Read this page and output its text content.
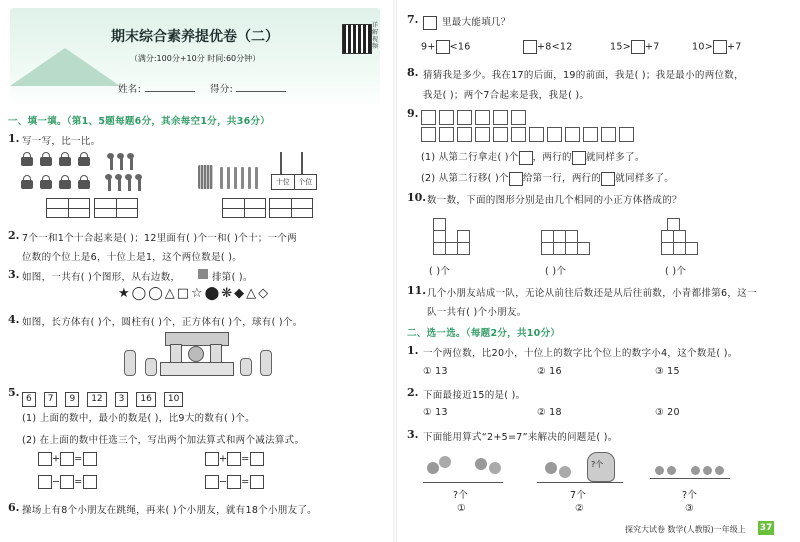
期末综合素养提优卷（二）
（满分:100分+10分 时间:60分钟）
详解视频
姓名:	得分:
一、填一填。（第1、5题每题6分，其余每空1分，共36分）
1. 写一写，比一比。
十位	个位
2. 7个一和1个十合起来是( )；12里面有( )个一和( )个十；一个两
位数的个位上是6，十位上是1，这个两位数是( )。
3. 如图，一共有( )个图形，从右边数，	排第( )。
★◯◯△□☆⬤❋◆△◇
4. 如图，长方体有( )个，圆柱有( )个，正方体有( )个，球有( )个。
5. 6 7 9 12 3 16 10
(1) 上面的数中，最小的数是( )，比9大的数有( )个。
(2) 在上面的数中任选三个，写出两个加法算式和两个减法算式。
+ =
− =
+ =
− =
6. 操场上有8个小朋友在跳绳，再来( )个小朋友，就有18个小朋友了。
7. 里最大能填几？
9+ <16	+8<12	15> +7	10> +7
8. 猜猜我是多少。我在17的后面，19的前面，我是( )；我是最小的两位数，
我是( )；两个7合起来是我，我是( )。
9.
(1) 从第二行拿走( )个 ，两行的 就同样多了。
(2) 从第二行移( )个 给第一行，两行的 就同样多了。
10. 数一数，下面的图形分别是由几个相同的小正方体搭成的？
( )个	( )个	( )个
11. 几个小朋友站成一队，无论从前往后数还是从后往前数，小青都排第6，这一
队一共有( )个小朋友。
二、选一选。（每题2分，共10分）
1. 一个两位数，比20小，十位上的数字比个位上的数字小4，这个数是( )。
① 13	② 16	③ 15
2. 下面最接近15的是( )。
① 13	② 18	③ 20
3. 下面能用算式“2+5=7”来解决的问题是( )。
?个
①
?个
7个
②
?个
③
探究大试卷 数学(人教版)一年级上 37
